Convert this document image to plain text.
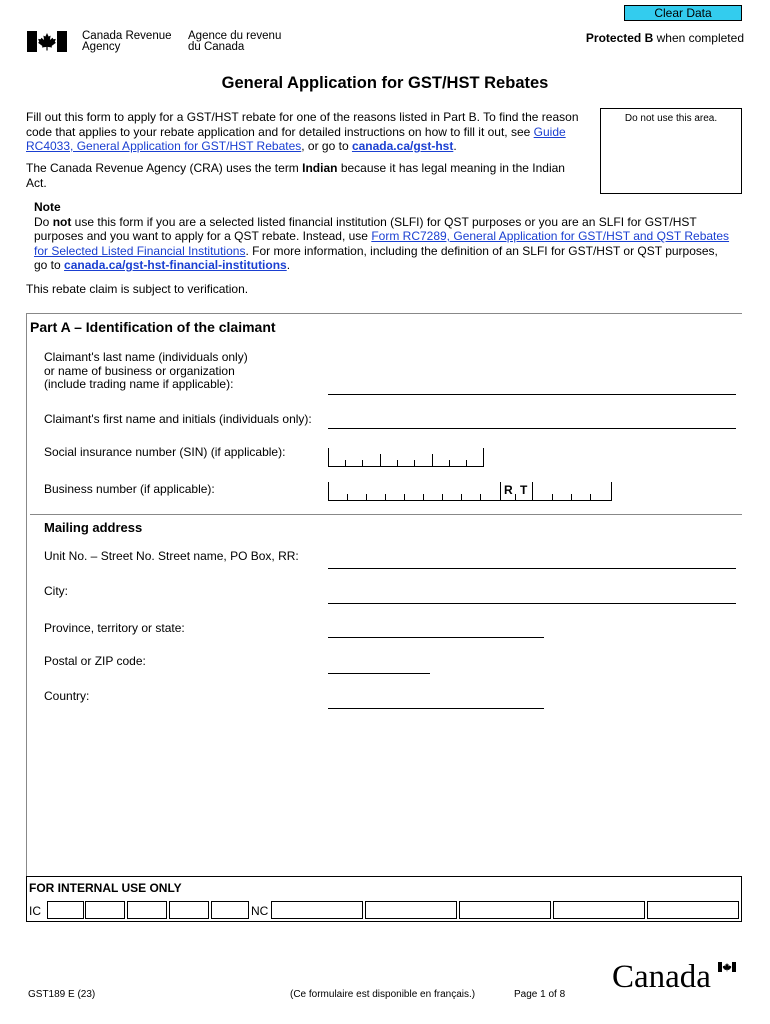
Clear Data
Protected B when completed
Canada Revenue
Agency
Agence du revenu
du Canada
General Application for GST/HST Rebates
Fill out this form to apply for a GST/HST rebate for one of the reasons listed in Part B. To find the reason code that applies to your rebate application and for detailed instructions on how to fill it out, see Guide RC4033, General Application for GST/HST Rebates, or go to canada.ca/gst-hst.
The Canada Revenue Agency (CRA) uses the term Indian because it has legal meaning in the Indian Act.
Do not use this area.
Note
Do not use this form if you are a selected listed financial institution (SLFI) for QST purposes or you are an SLFI for GST/HST purposes and you want to apply for a QST rebate. Instead, use Form RC7289, General Application for GST/HST and QST Rebates for Selected Listed Financial Institutions. For more information, including the definition of an SLFI for GST/HST or QST purposes, go to canada.ca/gst-hst-financial-institutions.
This rebate claim is subject to verification.
Part A – Identification of the claimant
Claimant's last name (individuals only)
or name of business or organization
(include trading name if applicable):
Claimant's first name and initials (individuals only):
Social insurance number (SIN) (if applicable):
Business number (if applicable):	R T
Mailing address
Unit No. – Street No. Street name, PO Box, RR:
City:
Province, territory or state:
Postal or ZIP code:
Country:
FOR INTERNAL USE ONLY
IC	NC
GST189 E (23)	(Ce formulaire est disponible en français.)	Page 1 of 8 Canada
